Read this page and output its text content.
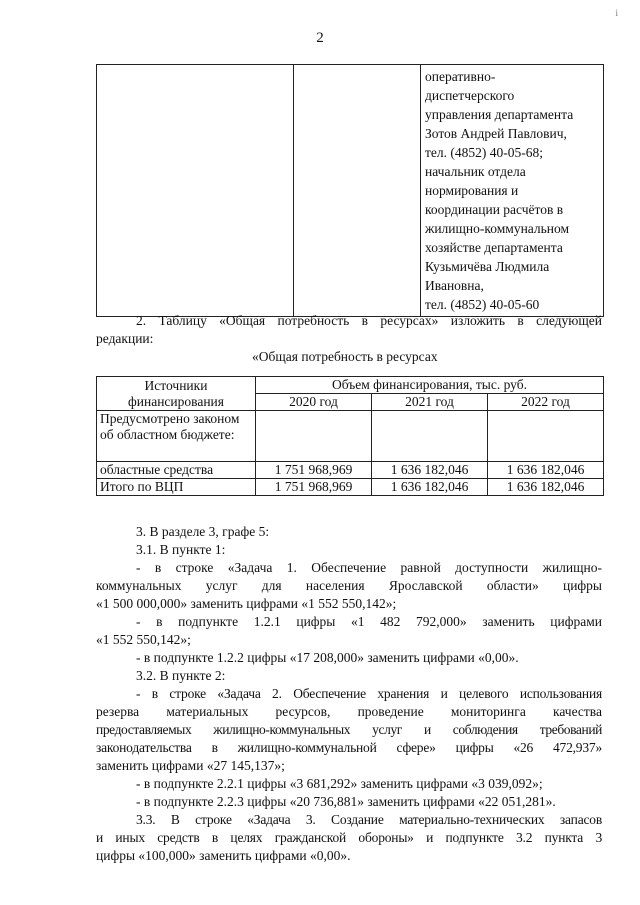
2
i

оперативно-
диспетчерского
управления департамента
Зотов Андрей Павлович,
тел. (4852) 40-05-68;
начальник отдела
нормирования и
координации расчётов в
жилищно-коммунальном
хозяйстве департамента
Кузьмичёва Людмила
Ивановна,
тел. (4852) 40-05-60
2. Таблицу «Общая потребность в ресурсах» изложить в следующей
редакции:
«Общая потребность в ресурсах
Источники финансирования	Объем финансирования, тыс. руб.		
	2020 год	2021 год	2022 год
Предусмотрено законом об областном бюджете:			
областные средства	1 751 968,969	1 636 182,046	1 636 182,046
Итого по ВЦП	1 751 968,969	1 636 182,046	1 636 182,046
3. В разделе 3, графе 5:
3.1. В пункте 1:
- в строке «Задача 1. Обеспечение равной доступности жилищно-
коммунальных услуг для населения Ярославской области» цифры
«1 500 000,000» заменить цифрами «1 552 550,142»;
- в подпункте 1.2.1 цифры «1 482 792,000» заменить цифрами
«1 552 550,142»;
- в подпункте 1.2.2 цифры «17 208,000» заменить цифрами «0,00».
3.2. В пункте 2:
- в строке «Задача 2. Обеспечение хранения и целевого использования
резерва материальных ресурсов, проведение мониторинга качества
предоставляемых жилищно-коммунальных услуг и соблюдения требований
законодательства в жилищно-коммунальной сфере» цифры «26 472,937»
заменить цифрами «27 145,137»;
- в подпункте 2.2.1 цифры «3 681,292» заменить цифрами «3 039,092»;
- в подпункте 2.2.3 цифры «20 736,881» заменить цифрами «22 051,281».
3.3. В строке «Задача 3. Создание материально-технических запасов
и иных средств в целях гражданской обороны» и подпункте 3.2 пункта 3
цифры «100,000» заменить цифрами «0,00».
